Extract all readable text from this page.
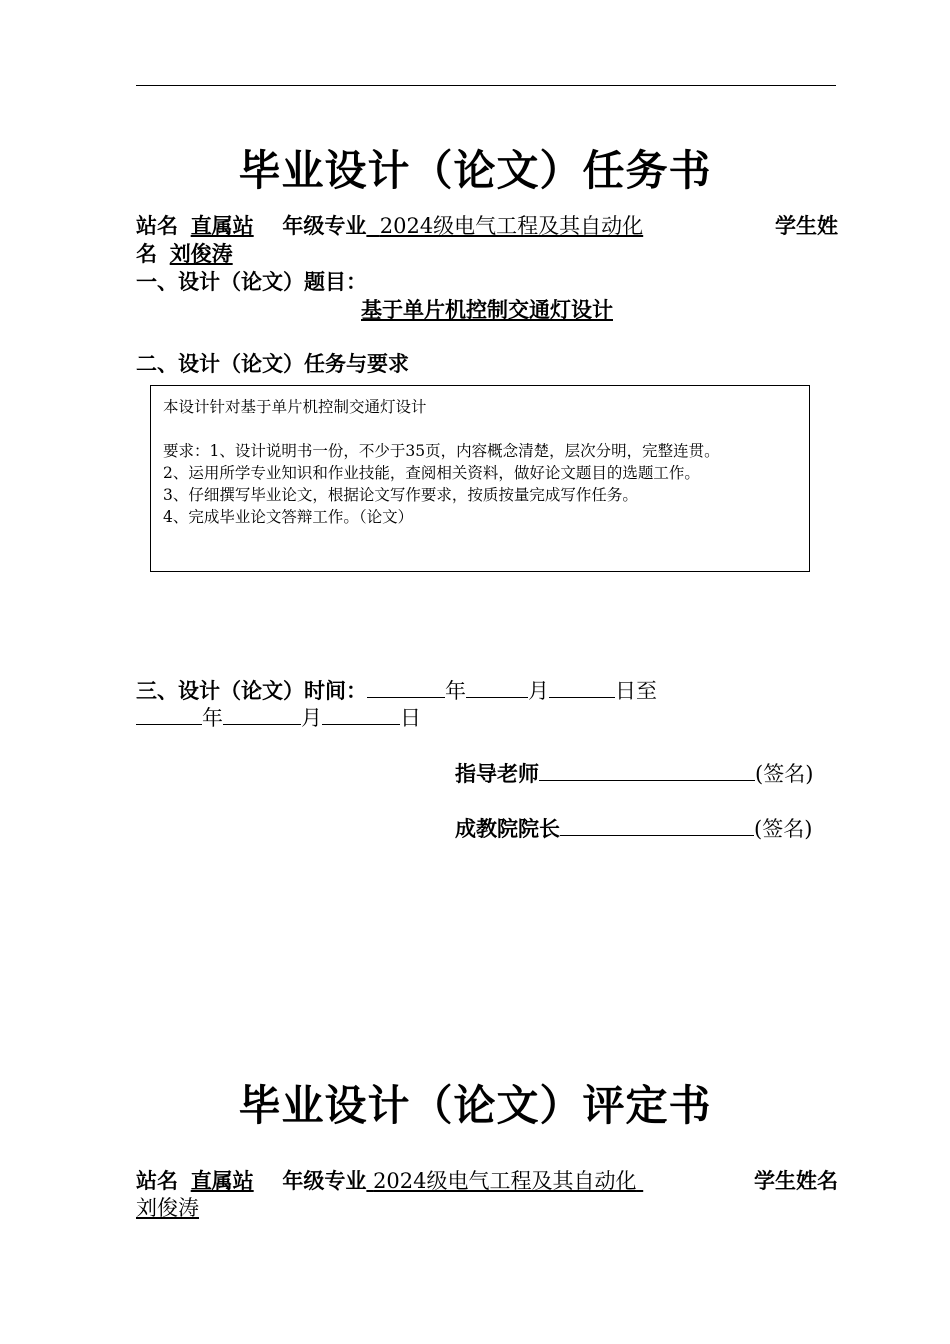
毕业设计（论文）任务书
站名 直属站 年级专业 2024级电气工程及其自动化	学生姓
名 刘俊涛
一、设计（论文）题目：
基于单片机控制交通灯设计
二、设计（论文）任务与要求

本设计针对基于单片机控制交通灯设计

要求：1、设计说明书一份，不少于35页，内容概念清楚，层次分明，完整连贯。

2、运用所学专业知识和作业技能，查阅相关资料，做好论文题目的选题工作。

3、仔细撰写毕业论文，根据论文写作要求，按质按量完成写作任务。

4、完成毕业论文答辩工作。（论文）

三、设计（论文）时间：	年	月	日至
年	月	日
指导老师	(签名)
成教院院长	(签名)
毕业设计（论文）评定书
站名 直属站 年级专业 2024级电气工程及其自动化	学生姓名
刘俊涛
